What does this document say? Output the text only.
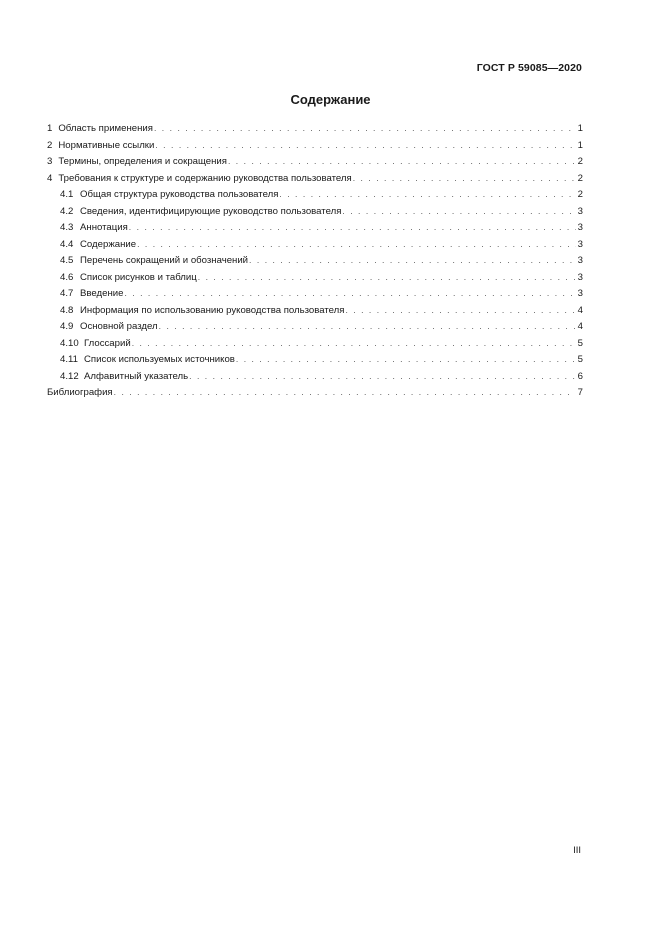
ГОСТ Р 59085—2020
Содержание
1 Область применения . . .	1
2 Нормативные ссылки . . .	1
3 Термины, определения и сокращения . . .	2
4 Требования к структуре и содержанию руководства пользователя . . .	2
4.1 Общая структура руководства пользователя . . .	2
4.2 Сведения, идентифицирующие руководство пользователя . . .	3
4.3 Аннотация . . .	3
4.4 Содержание . . .	3
4.5 Перечень сокращений и обозначений . . .	3
4.6 Список рисунков и таблиц . . .	3
4.7 Введение . . .	3
4.8 Информация по использованию руководства пользователя . . .	4
4.9 Основной раздел . . .	4
4.10 Глоссарий . . .	5
4.11 Список используемых источников . . .	5
4.12 Алфавитный указатель . . .	6
Библиография . . .	7
III
